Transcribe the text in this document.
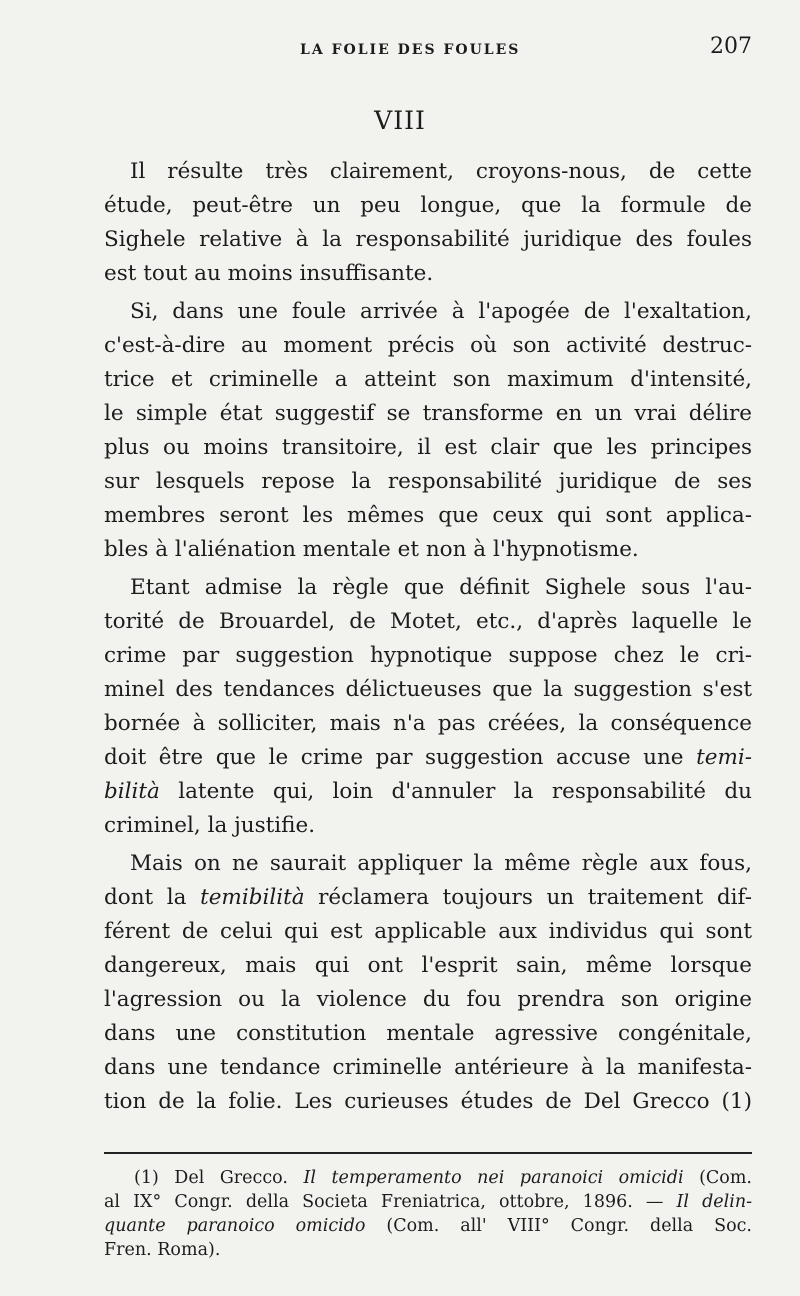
LA FOLIE DES FOULES	207
VIII
Il résulte très clairement, croyons-nous, de cette
étude, peut-être un peu longue, que la formule de
Sighele relative à la responsabilité juridique des foules
est tout au moins insuffisante.
Si, dans une foule arrivée à l'apogée de l'exaltation,
c'est-à-dire au moment précis où son activité destruc-
trice et criminelle a atteint son maximum d'intensité,
le simple état suggestif se transforme en un vrai délire
plus ou moins transitoire, il est clair que les principes
sur lesquels repose la responsabilité juridique de ses
membres seront les mêmes que ceux qui sont applica-
bles à l'aliénation mentale et non à l'hypnotisme.
Etant admise la règle que définit Sighele sous l'au-
torité de Brouardel, de Motet, etc., d'après laquelle le
crime par suggestion hypnotique suppose chez le cri-
minel des tendances délictueuses que la suggestion s'est
bornée à solliciter, mais n'a pas créées, la conséquence
doit être que le crime par suggestion accuse une temi-
bilità latente qui, loin d'annuler la responsabilité du
criminel, la justifie.
Mais on ne saurait appliquer la même règle aux fous,
dont la temibilità réclamera toujours un traitement dif-
férent de celui qui est applicable aux individus qui sont
dangereux, mais qui ont l'esprit sain, même lorsque
l'agression ou la violence du fou prendra son origine
dans une constitution mentale agressive congénitale,
dans une tendance criminelle antérieure à la manifesta-
tion de la folie. Les curieuses études de Del Grecco (1)
(1) Del Grecco. Il temperamento nei paranoici omicidi (Com.
al IX° Congr. della Societa Freniatrica, ottobre, 1896. — Il delin-
quante paranoico omicido (Com. all' VIII° Congr. della Soc.
Fren. Roma).
